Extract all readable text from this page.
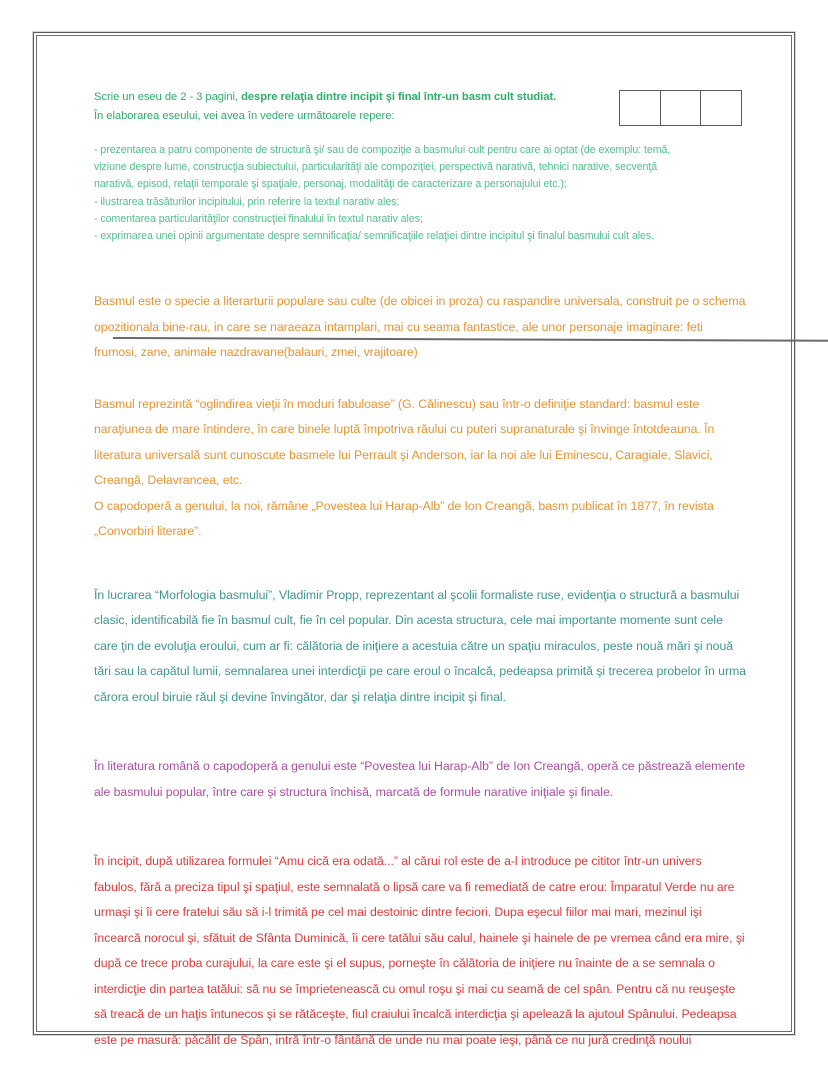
Scrie un eseu de 2 - 3 pagini, despre relaţia dintre incipit şi final într-un basm cult studiat. În elaborarea eseului, vei avea în vedere următoarele repere:
- prezentarea a patru componente de structură şi/ sau de compoziţie a basmului cult pentru care ai optat (de exemplu: temă, viziune despre lume, construcţia subiectului, particularităţi ale compoziţiei, perspectivă narativă, tehnici narative, secvenţă narativă, episod, relaţii temporale şi spaţiale, personaj, modalităţi de caracterizare a personajului etc.);
- ilustrarea trăsăturilor incipitului, prin referire la textul narativ ales;
- comentarea particularităţilor construcţiei finalului în textul narativ ales;
- exprimarea unei opinii argumentate despre semnificaţia/ semnificaţiile relaţiei dintre incipitul şi finalul basmului cult ales.
Basmul este o specie a literarturii populare sau culte (de obicei in proza) cu raspandire universala, construit pe o schema opozitionala bine-rau, in care se naraeaza intamplari, mai cu seama fantastice, ale unor personaje imaginare: feti frumosi, zane, animale nazdravane(balauri, zmei, vrajitoare)
Basmul reprezintă “oglindirea vieţii în moduri fabuloase” (G. Călinescu) sau într-o definiţie standard: basmul este naraţiunea de mare întindere, în care binele luptă împotriva răului cu puteri supranaturale şi învinge întotdeauna. În literatura universală sunt cunoscute basmele lui Perrault şi Anderson, iar la noi ale lui Eminescu, Caragiale, Slavici, Creangă, Delavrancea, etc.
O capodoperă a genului, la noi, rămâne „Povestea lui Harap-Alb” de Ion Creangă, basm publicat în 1877, în revista „Convorbiri literare”.
În lucrarea “Morfologia basmului”, Vladimir Propp, reprezentant al şcolii formaliste ruse, evidenţia o structură a basmului clasic, identificabilă fie în basmul cult, fie în cel popular. Din acesta structura, cele mai importante momente sunt cele care ţin de evoluţia eroului, cum ar fi: călătoria de iniţiere a acestuia către un spaţiu miraculos, peste nouă mări şi nouă tări sau la capătul lumii, semnalarea unei interdicţii pe care eroul o încalcă, pedeapsa primită şi trecerea probelor în urma cărora eroul biruie răul şi devine învingător, dar şi relaţia dintre incipit şi final.
În literatura română o capodoperă a genului este “Povestea lui Harap-Alb” de Ion Creangă, operă ce păstrează elemente ale basmului popular, între care şi structura închisă, marcată de formule narative iniţiale şi finale.
În incipit, după utilizarea formulei “Amu cică era odată...” al cărui rol este de a-l introduce pe cititor într-un univers fabulos, fără a preciza tipul şi spaţiul, este semnalată o lipsă care va fi remediată de catre erou: Împaratul Verde nu are urmaşi şi îi cere fratelui său să i-l trimită pe cel mai destoinic dintre feciori. Dupa eşecul fiilor mai mari, mezinul işi încearcă norocul şi, sfătuit de Sfânta Duminică, îi cere tatălui său calul, hainele şi hainele de pe vremea când era mire, şi după ce trece proba curajului, la care este şi el supus, porneşte în călătoria de iniţiere nu înainte de a se semnala o interdicţie din partea tatălui: să nu se împrietenească cu omul roşu şi mai cu seamă de cel spân. Pentru că nu reuşeşte să treacă de un haţis întunecos şi se rătăceşte, fiul craiului încalcă interdicţia şi apelează la ajutoul Spânului. Pedeapsa este pe masură: păcălit de Spân, intră într-o fântână de unde nu mai poate ieşi, până ce nu jură credinţă noului
